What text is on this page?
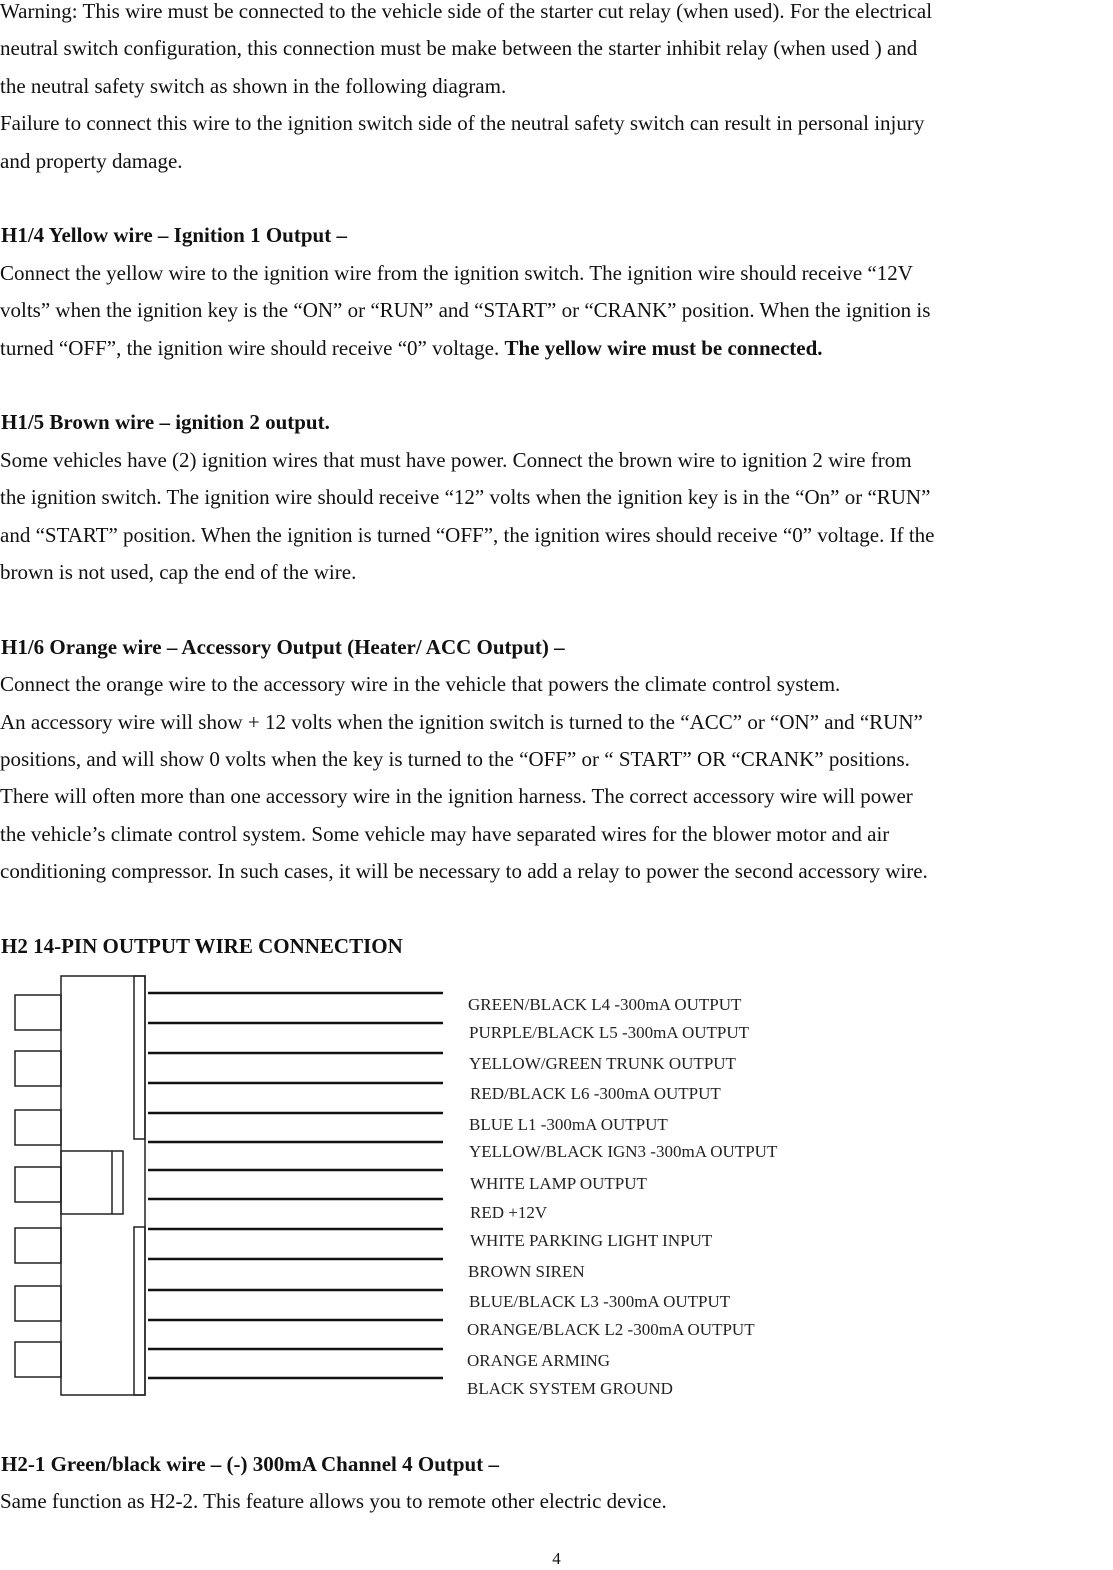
Warning: This wire must be connected to the vehicle side of the starter cut relay (when used). For the electrical

neutral switch configuration, this connection must be make between the starter inhibit relay (when used ) and

the neutral safety switch as shown in the following diagram.

Failure to connect this wire to the ignition switch side of the neutral safety switch can result in personal injury

and property damage.

H1/4 Yellow wire – Ignition 1 Output –

Connect the yellow wire to the ignition wire from the ignition switch. The ignition wire should receive “12V

volts” when the ignition key is the “ON” or “RUN” and “START” or “CRANK” position. When the ignition is

turned “OFF”, the ignition wire should receive “0” voltage. The yellow wire must be connected.

H1/5 Brown wire – ignition 2 output.

Some vehicles have (2) ignition wires that must have power. Connect the brown wire to ignition 2 wire from

the ignition switch. The ignition wire should receive “12” volts when the ignition key is in the “On” or “RUN”

and “START” position. When the ignition is turned “OFF”, the ignition wires should receive “0” voltage. If the

brown is not used, cap the end of the wire.

H1/6 Orange wire – Accessory Output (Heater/ ACC Output) –

Connect the orange wire to the accessory wire in the vehicle that powers the climate control system.

An accessory wire will show + 12 volts when the ignition switch is turned to the “ACC” or “ON” and “RUN”

positions, and will show 0 volts when the key is turned to the “OFF” or “ START” OR “CRANK” positions.

There will often more than one accessory wire in the ignition harness. The correct accessory wire will power

the vehicle’s climate control system. Some vehicle may have separated wires for the blower motor and air

conditioning compressor. In such cases, it will be necessary to add a relay to power the second accessory wire.

H2 14-PIN OUTPUT WIRE CONNECTION

GREEN/BLACK L4 -300mA OUTPUT
PURPLE/BLACK L5 -300mA OUTPUT
YELLOW/GREEN TRUNK OUTPUT
RED/BLACK L6 -300mA OUTPUT
BLUE L1 -300mA OUTPUT
YELLOW/BLACK IGN3 -300mA OUTPUT
WHITE LAMP OUTPUT
RED +12V
WHITE PARKING LIGHT INPUT
BROWN SIREN
BLUE/BLACK L3 -300mA OUTPUT
ORANGE/BLACK L2 -300mA OUTPUT
ORANGE ARMING
BLACK SYSTEM GROUND

H2-1 Green/black wire – (-) 300mA Channel 4 Output –

Same function as H2-2. This feature allows you to remote other electric device.

4
